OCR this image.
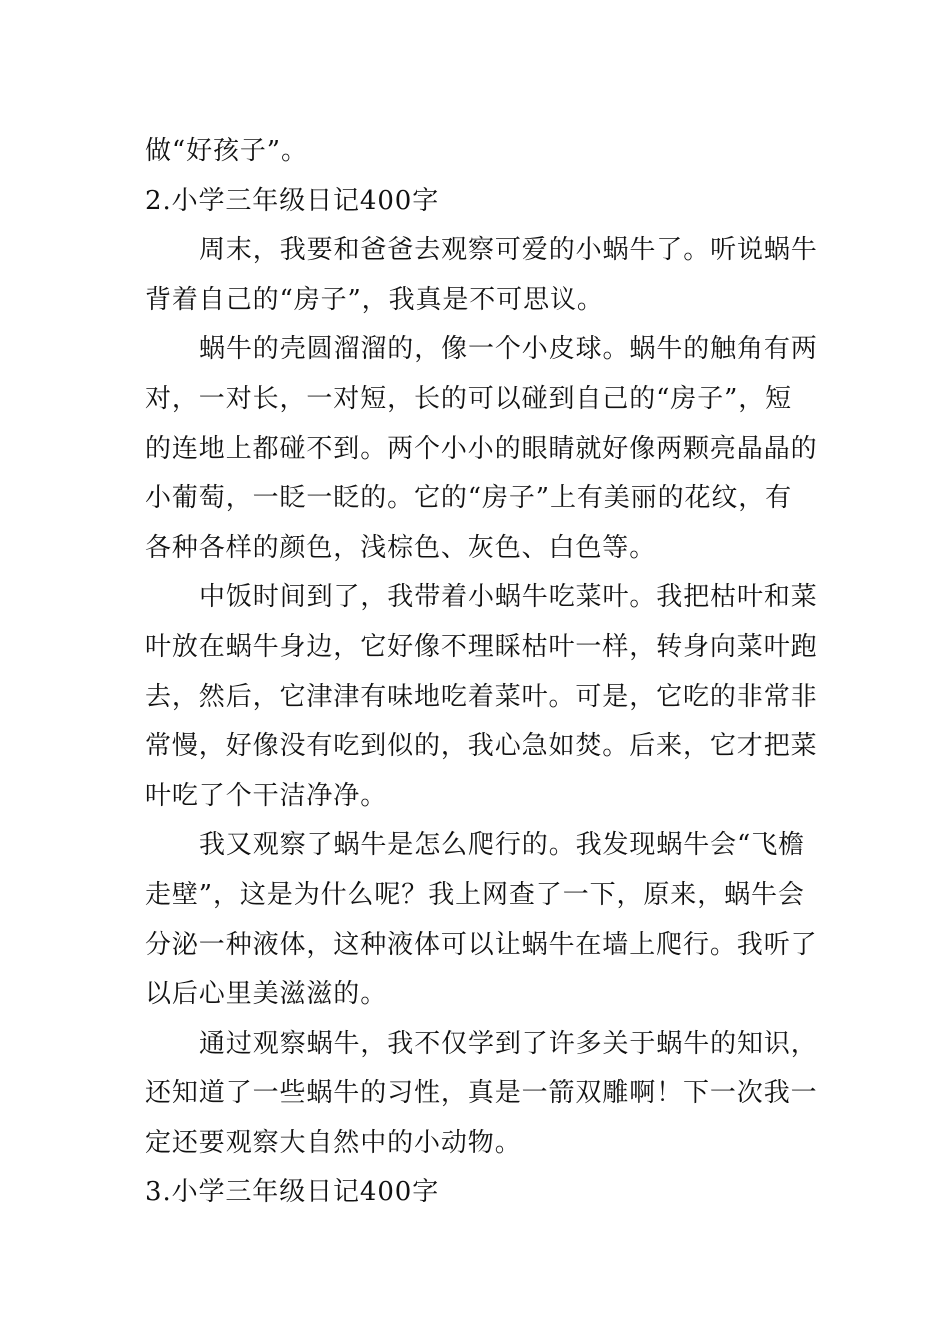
做“好孩子”。
2.小学三年级日记400字
周末，我要和爸爸去观察可爱的小蜗牛了。听说蜗牛
背着自己的“房子”，我真是不可思议。
蜗牛的壳圆溜溜的，像一个小皮球。蜗牛的触角有两
对，一对长，一对短，长的可以碰到自己的“房子”，短
的连地上都碰不到。两个小小的眼睛就好像两颗亮晶晶的
小葡萄，一眨一眨的。它的“房子”上有美丽的花纹，有
各种各样的颜色，浅棕色、灰色、白色等。
中饭时间到了，我带着小蜗牛吃菜叶。我把枯叶和菜
叶放在蜗牛身边，它好像不理睬枯叶一样，转身向菜叶跑
去，然后，它津津有味地吃着菜叶。可是，它吃的非常非
常慢，好像没有吃到似的，我心急如焚。后来，它才把菜
叶吃了个干洁净净。
我又观察了蜗牛是怎么爬行的。我发现蜗牛会“飞檐
走壁”，这是为什么呢？我上网查了一下，原来，蜗牛会
分泌一种液体，这种液体可以让蜗牛在墙上爬行。我听了
以后心里美滋滋的。
通过观察蜗牛，我不仅学到了许多关于蜗牛的知识，
还知道了一些蜗牛的习性，真是一箭双雕啊！下一次我一
定还要观察大自然中的小动物。
3.小学三年级日记400字
